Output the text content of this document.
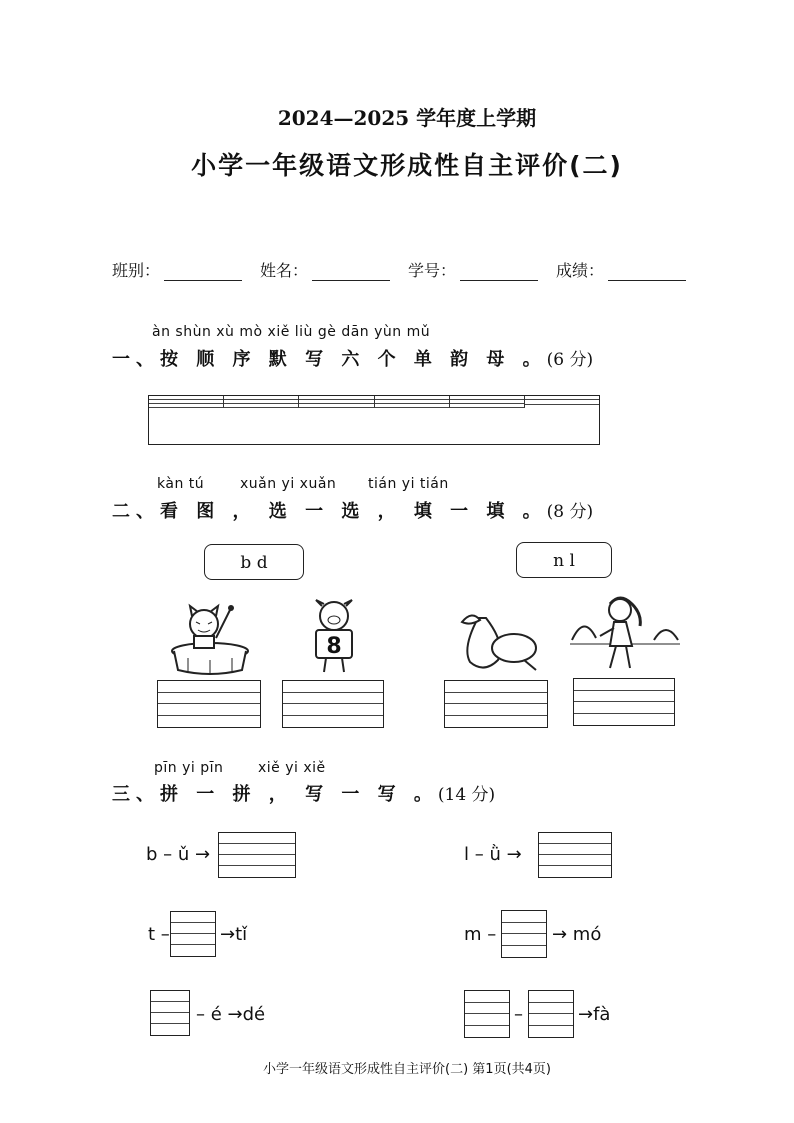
2024—2025 学年度上学期
小学一年级语文形成性自主评价(二)
班别：	姓名：	学号：	成绩：
àn shùn xù mò xiě liù gè dān yùn mǔ
一、按 顺 序 默 写 六 个 单 韵 母 。(6 分)
kàn tú	xuǎn yi xuǎn tián yi tián
二、看 图 ， 选 一 选 ， 填 一 填 。(8 分)
b d	n l
8
pīn yi pīn xiě yi xiě
三、拼 一 拼 ， 写 一 写 。(14 分)
b – ǔ →	l – ǜ →
t –	→tǐ	m –	→ mó
– é →dé	–	→fà
小学一年级语文形成性自主评价(二) 第1页(共4页)
